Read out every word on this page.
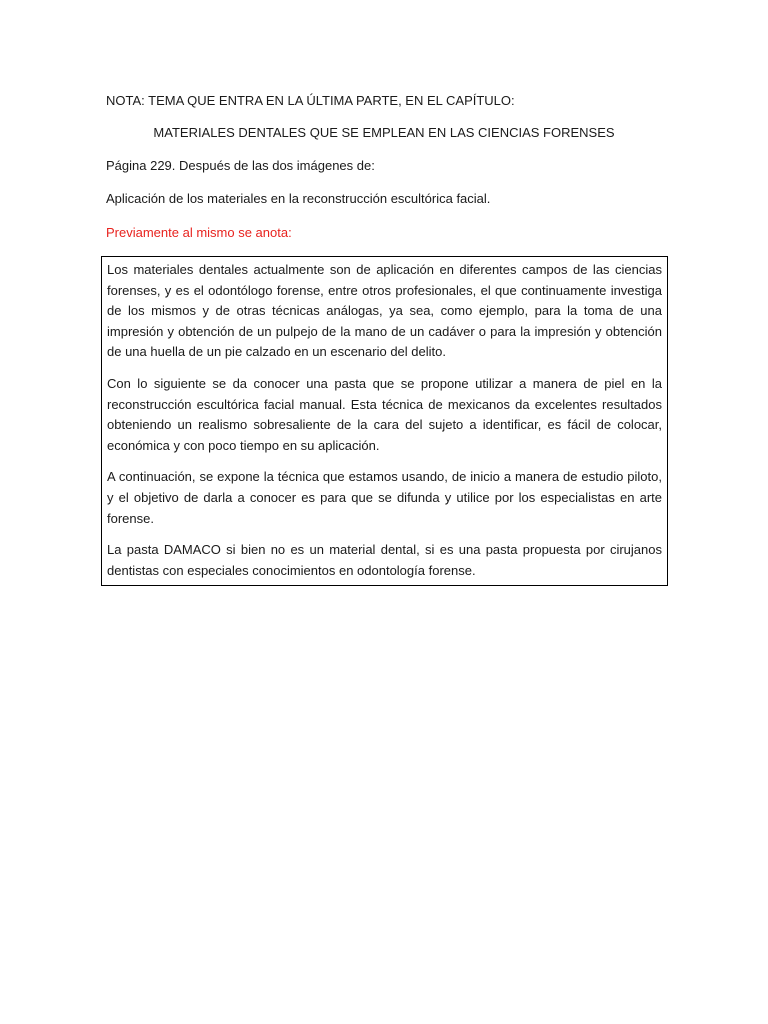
NOTA: TEMA QUE ENTRA EN LA ÚLTIMA PARTE, EN EL CAPÍTULO:
MATERIALES DENTALES QUE SE EMPLEAN EN LAS CIENCIAS FORENSES
Página 229. Después de las dos imágenes de:
Aplicación de los materiales en la reconstrucción escultórica facial.
Previamente al mismo se anota:

Los materiales dentales actualmente son de aplicación en diferentes campos de las ciencias forenses, y es el odontólogo forense, entre otros profesionales, el que continuamente investiga de los mismos y de otras técnicas análogas, ya sea, como ejemplo, para la toma de una impresión y obtención de un pulpejo de la mano de un cadáver o para la impresión y obtención de una huella de un pie calzado en un escenario del delito.

Con lo siguiente se da conocer una pasta que se propone utilizar a manera de piel en la reconstrucción escultórica facial manual. Esta técnica de mexicanos da excelentes resultados obteniendo un realismo sobresaliente de la cara del sujeto a identificar, es fácil de colocar, económica y con poco tiempo en su aplicación.

A continuación, se expone la técnica que estamos usando, de inicio a manera de estudio piloto, y el objetivo de darla a conocer es para que se difunda y utilice por los especialistas en arte forense.

La pasta DAMACO si bien no es un material dental, si es una pasta propuesta por cirujanos dentistas con especiales conocimientos en odontología forense.
